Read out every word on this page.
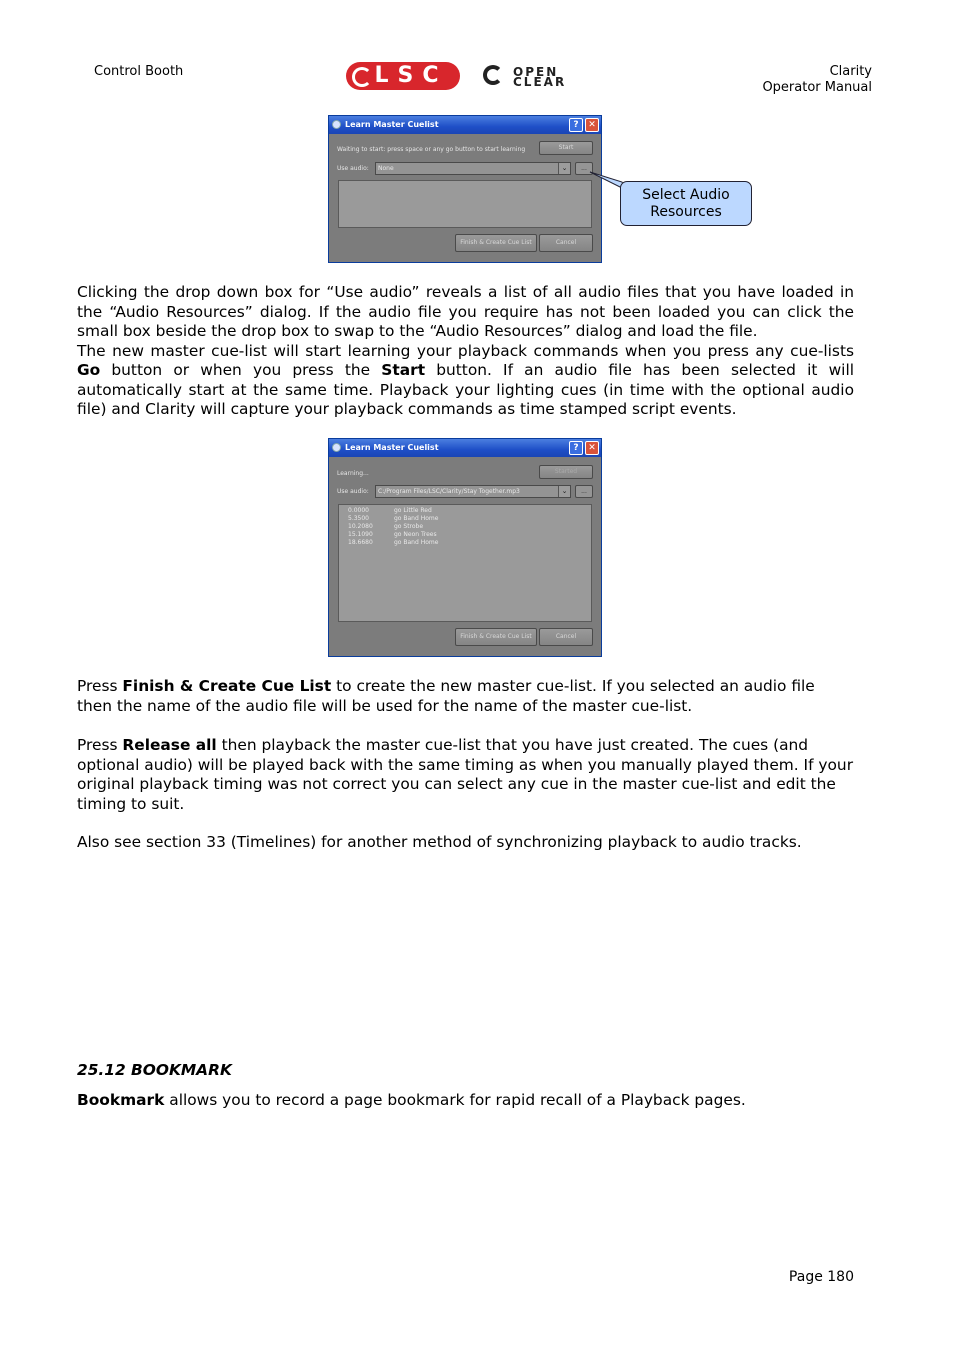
Control Booth	Clarity
Operator Manual
LSC	OPEN
CLEAR
Learn Master Cuelist	?	✕
Waiting to start: press space or any go button to start learning	Start
Use audio:	None	⌄	...
Finish & Create Cue List	Cancel
Select Audio
Resources
Clicking the drop down box for “Use audio” reveals a list of all audio files that you have loaded in the “Audio Resources” dialog. If the audio file you require has not been loaded you can click the small box beside the drop box to swap to the “Audio Resources” dialog and load the file.
The new master cue-list will start learning your playback commands when you press any cue-lists Go button or when you press the Start button. If an audio file has been selected it will automatically start at the same time. Playback your lighting cues (in time with the optional audio file) and Clarity will capture your playback commands as time stamped script events.
Learn Master Cuelist	?	✕
Learning...	Started
Use audio:	C:/Program Files/LSC/Clarity/Stay Together.mp3	⌄	...
0.0000	go Little Red
5.3500	go Band Home
10.2080	go Strobe
15.1090	go Neon Trees
18.6680	go Band Home
Finish & Create Cue List	Cancel
Press Finish & Create Cue List to create the new master cue-list. If you selected an audio file then the name of the audio file will be used for the name of the master cue-list.
Press Release all then playback the master cue-list that you have just created. The cues (and optional audio) will be played back with the same timing as when you manually played them. If your original playback timing was not correct you can select any cue in the master cue-list and edit the timing to suit.
Also see section 33 (Timelines) for another method of synchronizing playback to audio tracks.
25.12 BOOKMARK
Bookmark allows you to record a page bookmark for rapid recall of a Playback pages.
Page 180
